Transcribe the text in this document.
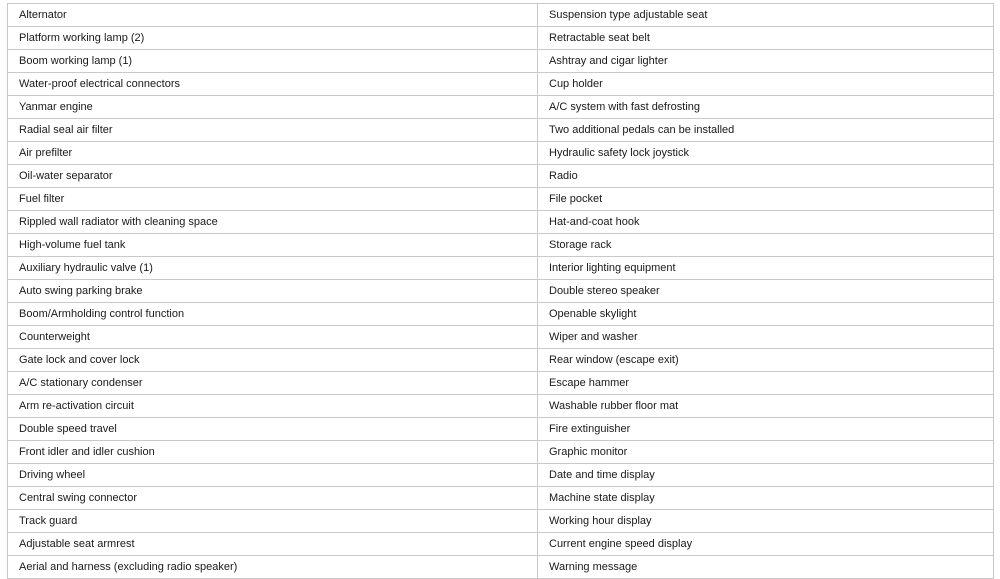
Alternator	Suspension type adjustable seat
Platform working lamp (2)	Retractable seat belt
Boom working lamp (1)	Ashtray and cigar lighter
Water-proof electrical connectors	Cup holder
Yanmar engine	A/C system with fast defrosting
Radial seal air filter	Two additional pedals can be installed
Air prefilter	Hydraulic safety lock joystick
Oil-water separator	Radio
Fuel filter	File pocket
Rippled wall radiator with cleaning space	Hat-and-coat hook
High-volume fuel tank	Storage rack
Auxiliary hydraulic valve (1)	Interior lighting equipment
Auto swing parking brake	Double stereo speaker
Boom/Armholding control function	Openable skylight
Counterweight	Wiper and washer
Gate lock and cover lock	Rear window (escape exit)
A/C stationary condenser	Escape hammer
Arm re-activation circuit	Washable rubber floor mat
Double speed travel	Fire extinguisher
Front idler and idler cushion	Graphic monitor
Driving wheel	Date and time display
Central swing connector	Machine state display
Track guard	Working hour display
Adjustable seat armrest	Current engine speed display
Aerial and harness (excluding radio speaker)	Warning message
